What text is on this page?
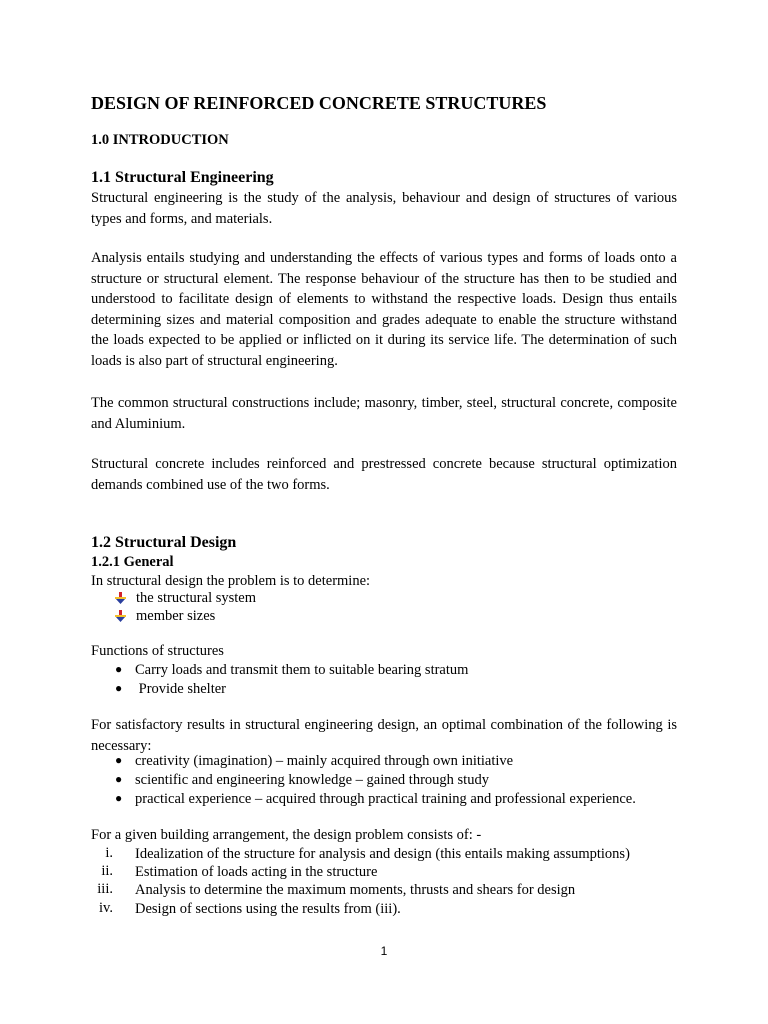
DESIGN OF REINFORCED CONCRETE STRUCTURES
1.0 INTRODUCTION
1.1 Structural Engineering
Structural engineering is the study of the analysis, behaviour and design of structures of various types and forms, and materials.
Analysis entails studying and understanding the effects of various types and forms of loads onto a structure or structural element. The response behaviour of the structure has then to be studied and understood to facilitate design of elements to withstand the respective loads. Design thus entails determining sizes and material composition and grades adequate to enable the structure withstand the loads expected to be applied or inflicted on it during its service life. The determination of such loads is also part of structural engineering.
The common structural constructions include; masonry, timber, steel, structural concrete, composite and Aluminium.
Structural concrete includes reinforced and prestressed concrete because structural optimization demands combined use of the two forms.
1.2 Structural Design
1.2.1 General
In structural design the problem is to determine:
the structural system
member sizes
Functions of structures
● Carry loads and transmit them to suitable bearing stratum
● Provide shelter
For satisfactory results in structural engineering design, an optimal combination of the following is necessary:
● creativity (imagination) – mainly acquired through own initiative
● scientific and engineering knowledge – gained through study
● practical experience – acquired through practical training and professional experience.
For a given building arrangement, the design problem consists of: -
i. Idealization of the structure for analysis and design (this entails making assumptions)
ii. Estimation of loads acting in the structure
iii. Analysis to determine the maximum moments, thrusts and shears for design
iv. Design of sections using the results from (iii).
1
